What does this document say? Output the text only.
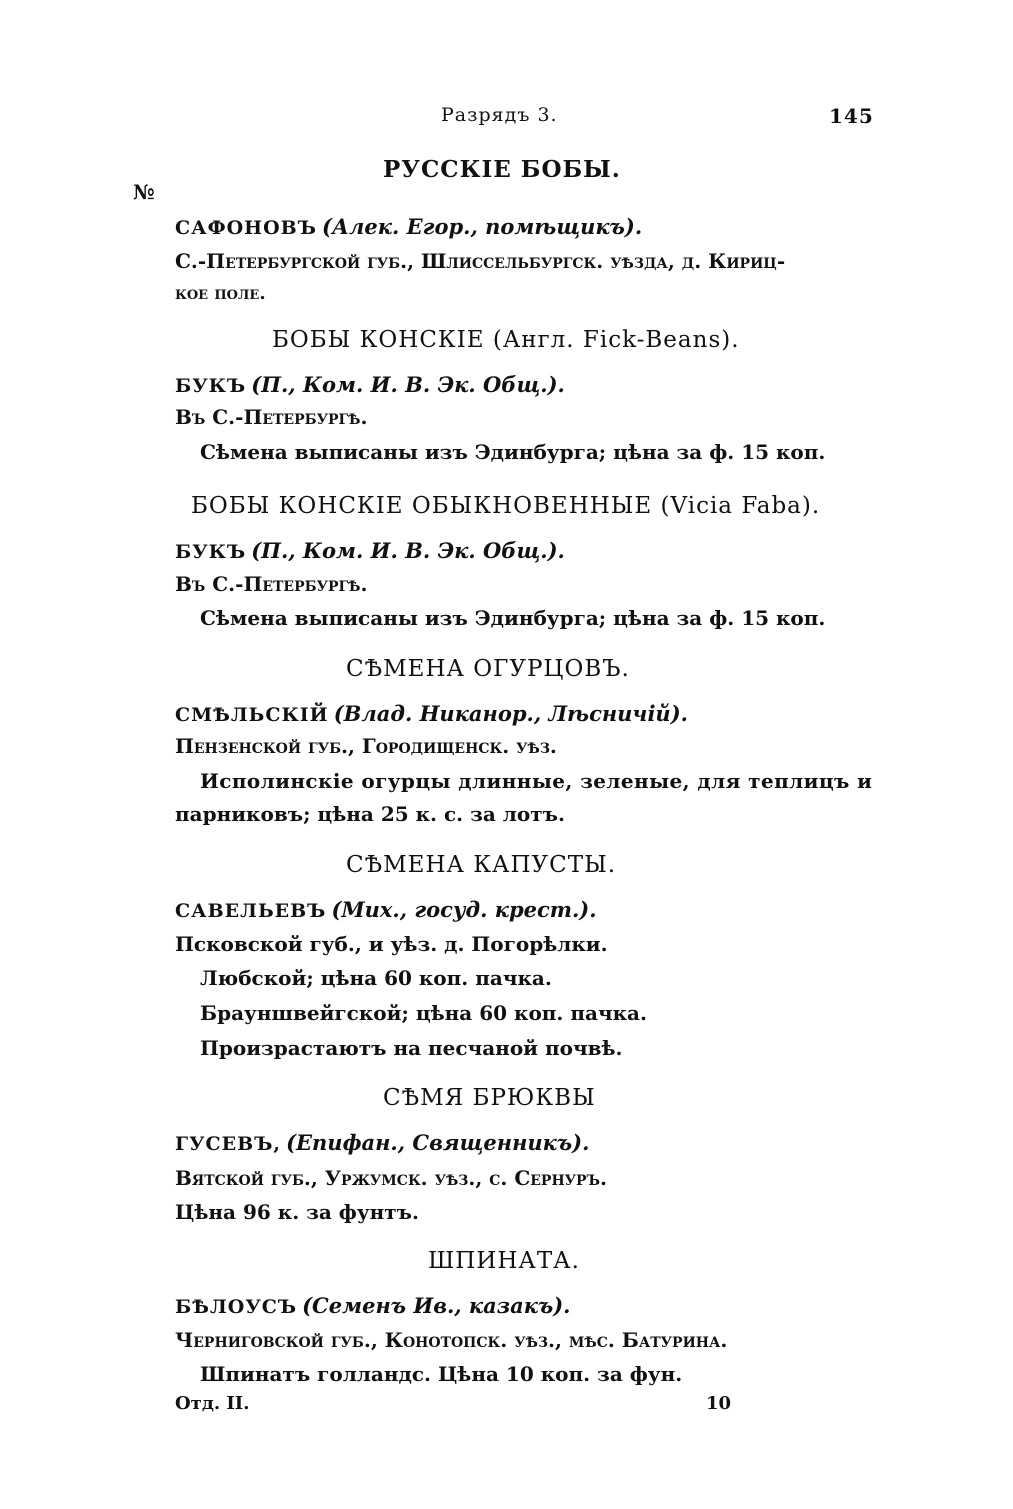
Разрядъ 3.	145
№
РУССКІЕ БОБЫ.
САФОНОВЪ (Алек. Егор., помѣщикъ).
С.-Петербургской губ., Шлиссельбургск. уѣзда, д. Кириц-
кое поле.
БОБЫ КОНСКІЕ (Англ. Fick-Beans).
БУКЪ (П., Ком. И. В. Эк. Общ.).
Въ С.-Петербургѣ.
Сѣмена выписаны изъ Эдинбурга; цѣна за ф. 15 коп.
БОБЫ КОНСКІЕ ОБЫКНОВЕННЫЕ (Vicia Faba).
БУКЪ (П., Ком. И. В. Эк. Общ.).
Въ С.-Петербургѣ.
Сѣмена выписаны изъ Эдинбурга; цѣна за ф. 15 коп.
СѢМЕНА ОГУРЦОВЪ.
СМѢЛЬСКІЙ (Влад. Никанор., Лѣсничій).
Пензенской губ., Городищенск. уѣз.
Исполинскіе огурцы длинные, зеленые, для теплицъ и
парниковъ; цѣна 25 к. с. за лотъ.
СѢМЕНА КАПУСТЫ.
САВЕЛЬЕВЪ (Мих., госуд. крест.).
Псковской губ., и уѣз. д. Погорѣлки.
Любской; цѣна 60 коп. пачка.
Брауншвейгской; цѣна 60 коп. пачка.
Произрастаютъ на песчаной почвѣ.
СѢМЯ БРЮКВЫ
ГУСЕВЪ, (Епифан., Священникъ).
Вятской губ., Уржумск. уѣз., с. Сернуръ.
Цѣна 96 к. за фунтъ.
ШПИНАТА.
БѢЛОУСЪ (Семенъ Ив., казакъ).
Черниговской губ., Конотопск. уѣз., мѣс. Батурина.
Шпинатъ голландс. Цѣна 10 коп. за фун.
Отд. II.	10
